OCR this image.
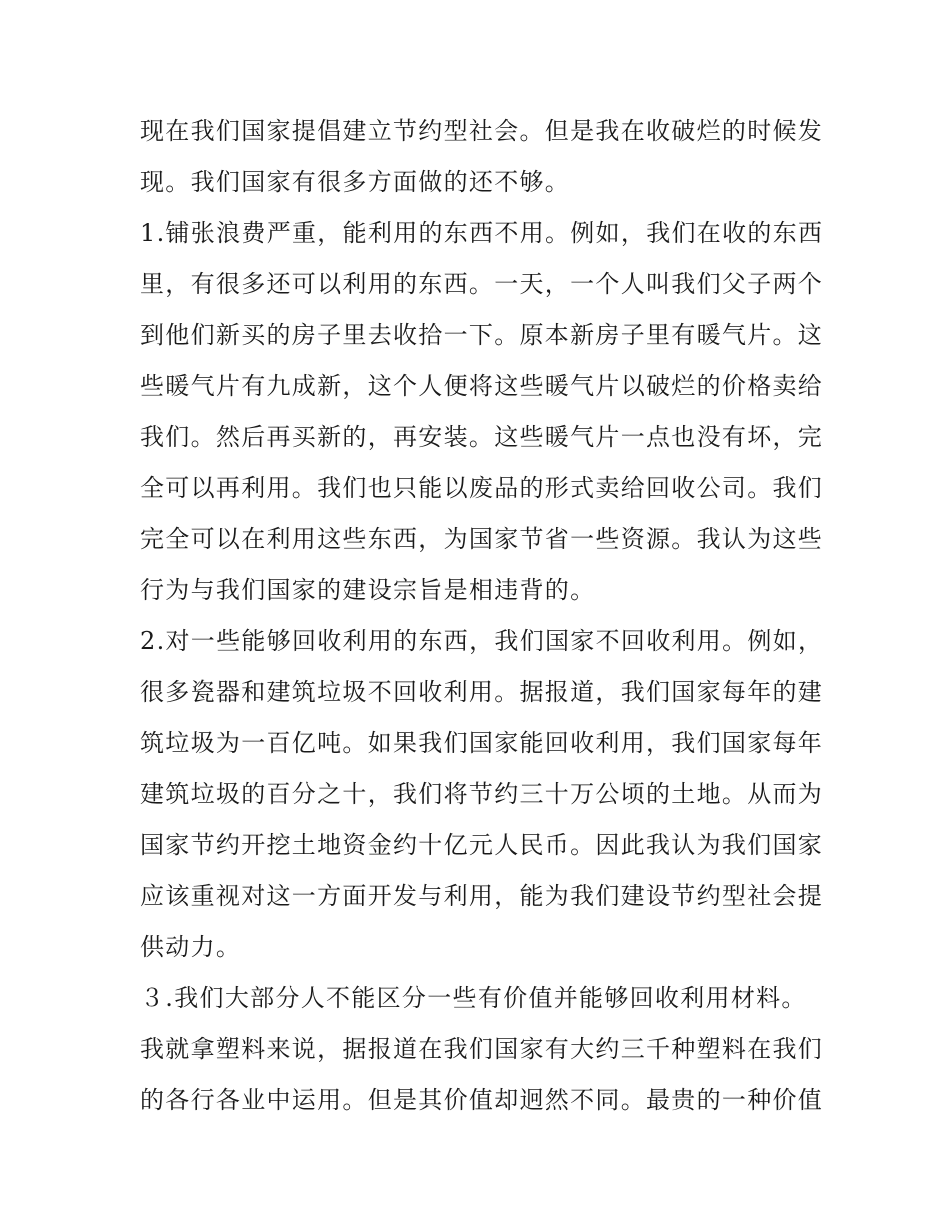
现在我们国家提倡建立节约型社会。但是我在收破烂的时候发
现。我们国家有很多方面做的还不够。
1.铺张浪费严重，能利用的东西不用。例如，我们在收的东西
里，有很多还可以利用的东西。一天，一个人叫我们父子两个
到他们新买的房子里去收拾一下。原本新房子里有暖气片。这
些暖气片有九成新，这个人便将这些暖气片以破烂的价格卖给
我们。然后再买新的，再安装。这些暖气片一点也没有坏，完
全可以再利用。我们也只能以废品的形式卖给回收公司。我们
完全可以在利用这些东西，为国家节省一些资源。我认为这些
行为与我们国家的建设宗旨是相违背的。
2.对一些能够回收利用的东西，我们国家不回收利用。例如，
很多瓷器和建筑垃圾不回收利用。据报道，我们国家每年的建
筑垃圾为一百亿吨。如果我们国家能回收利用，我们国家每年
建筑垃圾的百分之十，我们将节约三十万公顷的土地。从而为
国家节约开挖土地资金约十亿元人民币。因此我认为我们国家
应该重视对这一方面开发与利用，能为我们建设节约型社会提
供动力。
３.我们大部分人不能区分一些有价值并能够回收利用材料。
我就拿塑料来说，据报道在我们国家有大约三千种塑料在我们
的各行各业中运用。但是其价值却迥然不同。最贵的一种价值
